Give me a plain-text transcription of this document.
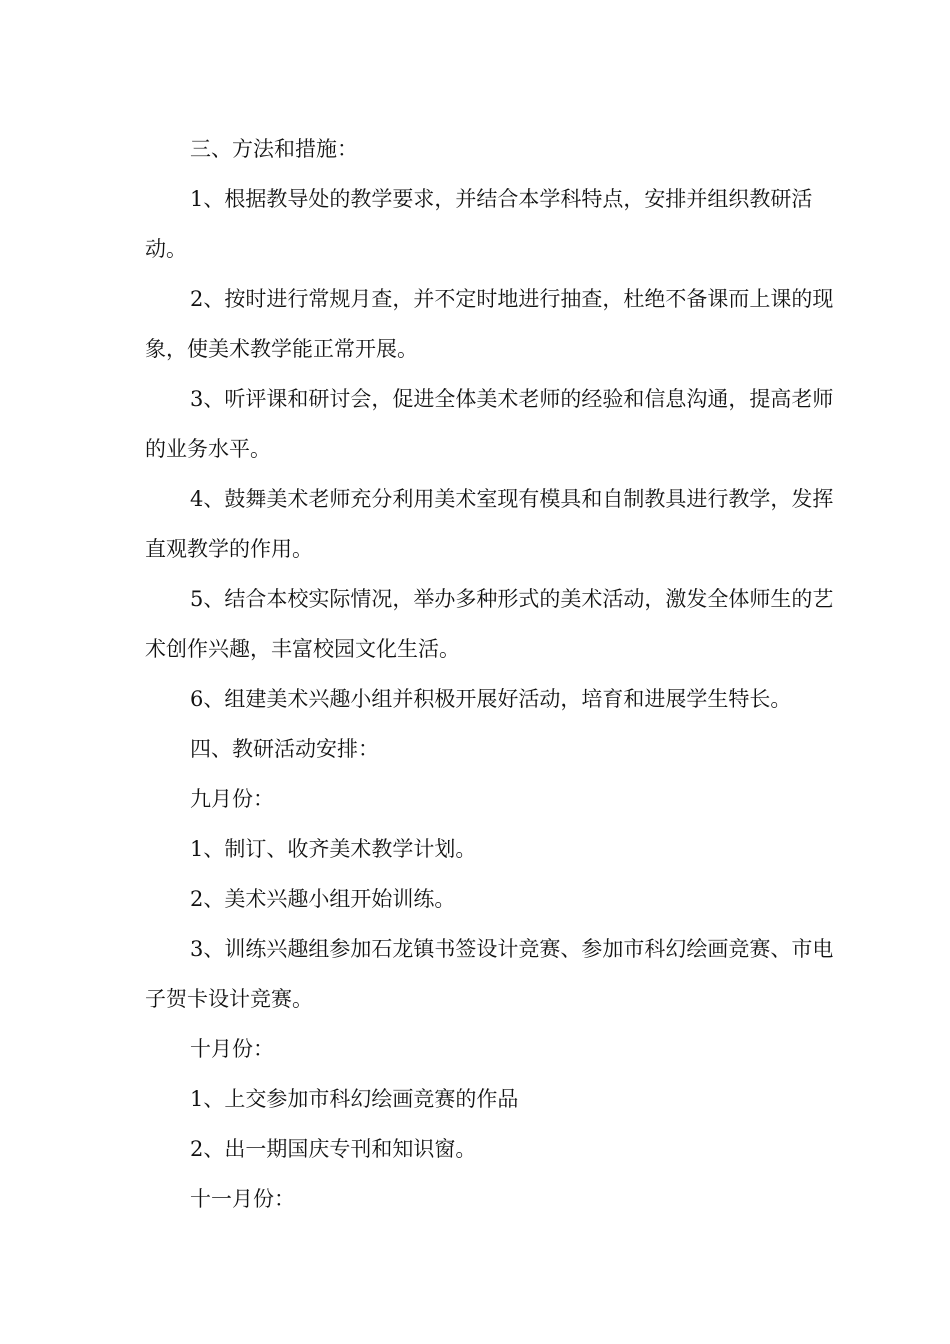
三、方法和措施：

1、根据教导处的教学要求，并结合本学科特点，安排并组织教研活动。

2、按时进行常规月查，并不定时地进行抽查，杜绝不备课而上课的现象，使美术教学能正常开展。

3、听评课和研讨会，促进全体美术老师的经验和信息沟通，提高老师的业务水平。

4、鼓舞美术老师充分利用美术室现有模具和自制教具进行教学，发挥直观教学的作用。

5、结合本校实际情况，举办多种形式的美术活动，激发全体师生的艺术创作兴趣，丰富校园文化生活。

6、组建美术兴趣小组并积极开展好活动，培育和进展学生特长。

四、教研活动安排：

九月份：

1、制订、收齐美术教学计划。

2、美术兴趣小组开始训练。

3、训练兴趣组参加石龙镇书签设计竞赛、参加市科幻绘画竞赛、市电子贺卡设计竞赛。

十月份：

1、上交参加市科幻绘画竞赛的作品

2、出一期国庆专刊和知识窗。

十一月份：
